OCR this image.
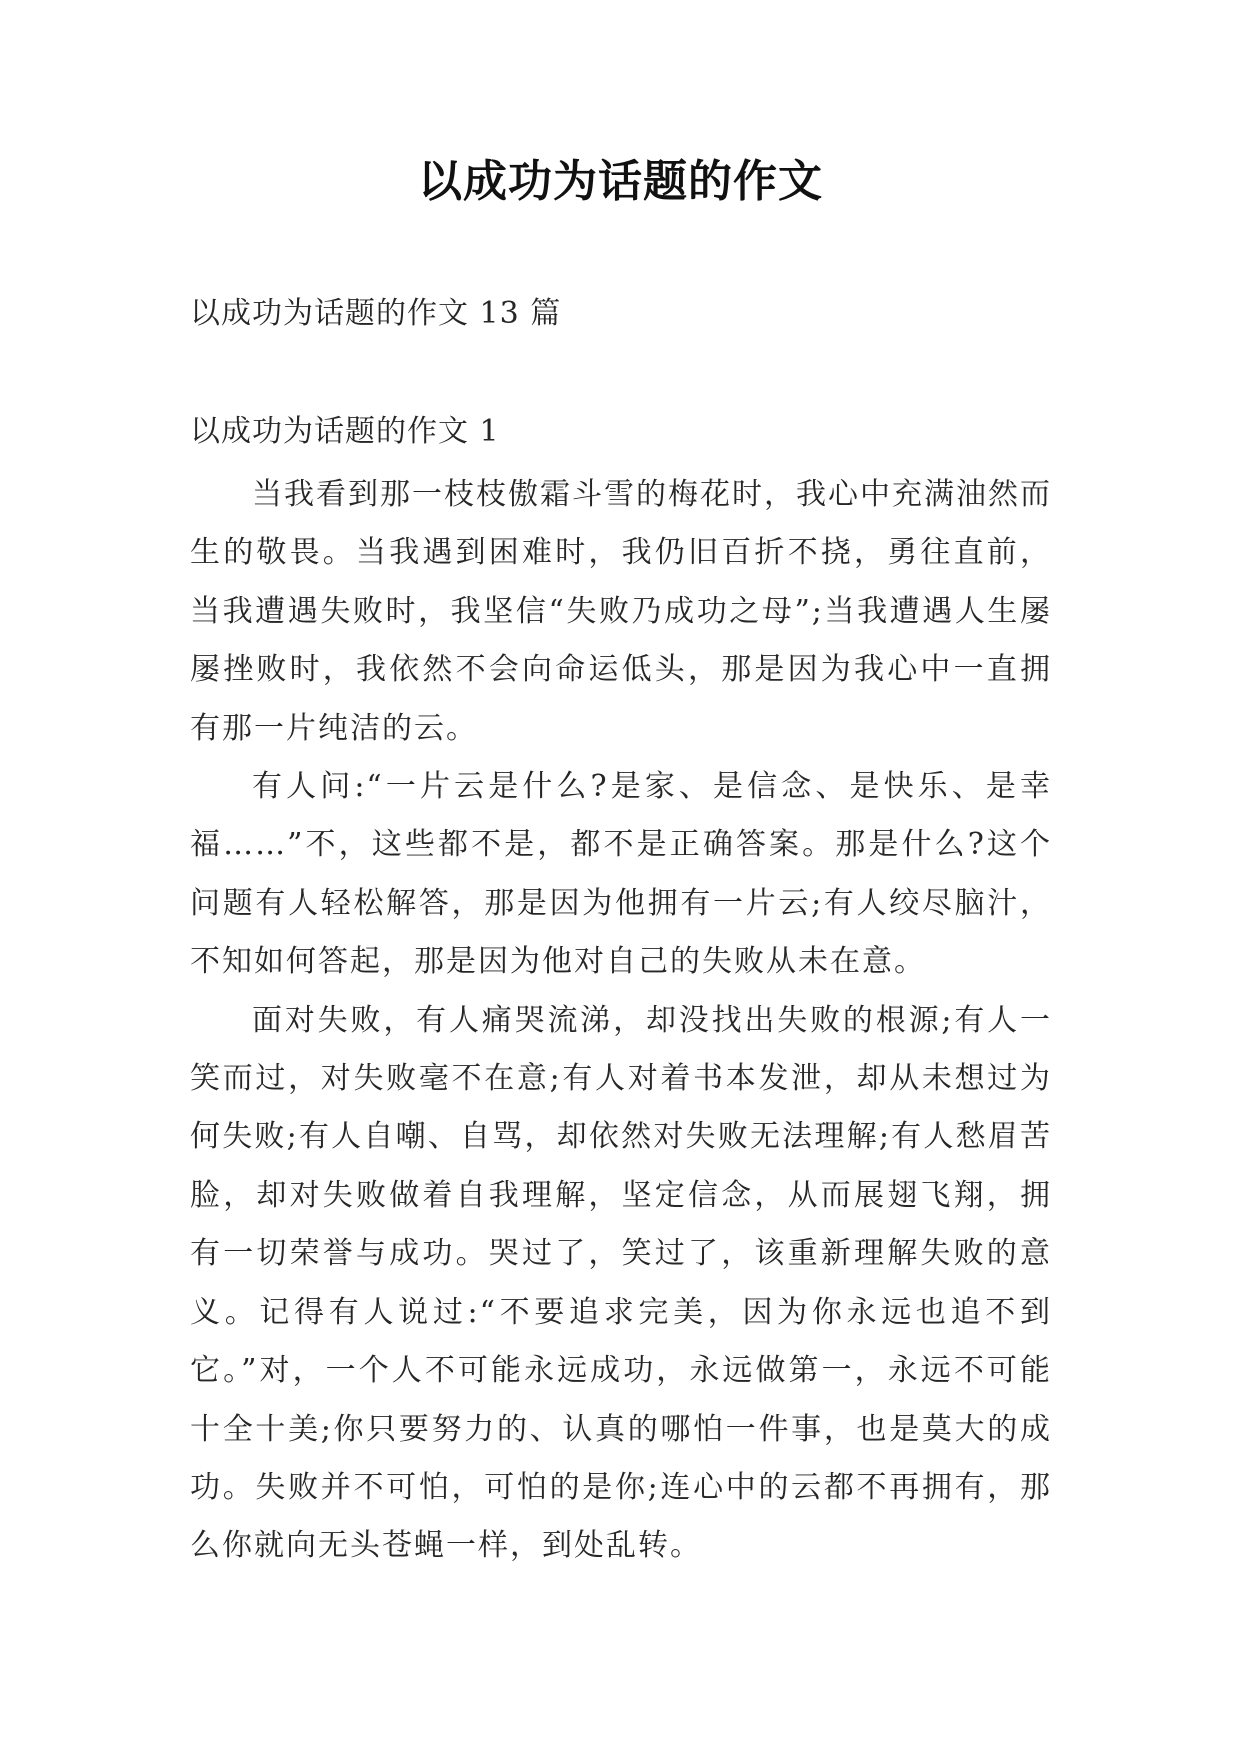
以成功为话题的作文

以成功为话题的作文 13 篇

以成功为话题的作文 1

当我看到那一枝枝傲霜斗雪的梅花时，我心中充满油然而生的敬畏。当我遇到困难时，我仍旧百折不挠，勇往直前，当我遭遇失败时，我坚信“失败乃成功之母”;当我遭遇人生屡屡挫败时，我依然不会向命运低头，那是因为我心中一直拥有那一片纯洁的云。

有人问:“一片云是什么?是家、是信念、是快乐、是幸福……”不，这些都不是，都不是正确答案。那是什么?这个问题有人轻松解答，那是因为他拥有一片云;有人绞尽脑汁，不知如何答起，那是因为他对自己的失败从未在意。

面对失败，有人痛哭流涕，却没找出失败的根源;有人一笑而过，对失败毫不在意;有人对着书本发泄，却从未想过为何失败;有人自嘲、自骂，却依然对失败无法理解;有人愁眉苦脸，却对失败做着自我理解，坚定信念，从而展翅飞翔，拥有一切荣誉与成功。哭过了，笑过了，该重新理解失败的意义。记得有人说过:“不要追求完美，因为你永远也追不到它。”对，一个人不可能永远成功，永远做第一，永远不可能十全十美;你只要努力的、认真的哪怕一件事，也是莫大的成功。失败并不可怕，可怕的是你;连心中的云都不再拥有，那么你就向无头苍蝇一样，到处乱转。
